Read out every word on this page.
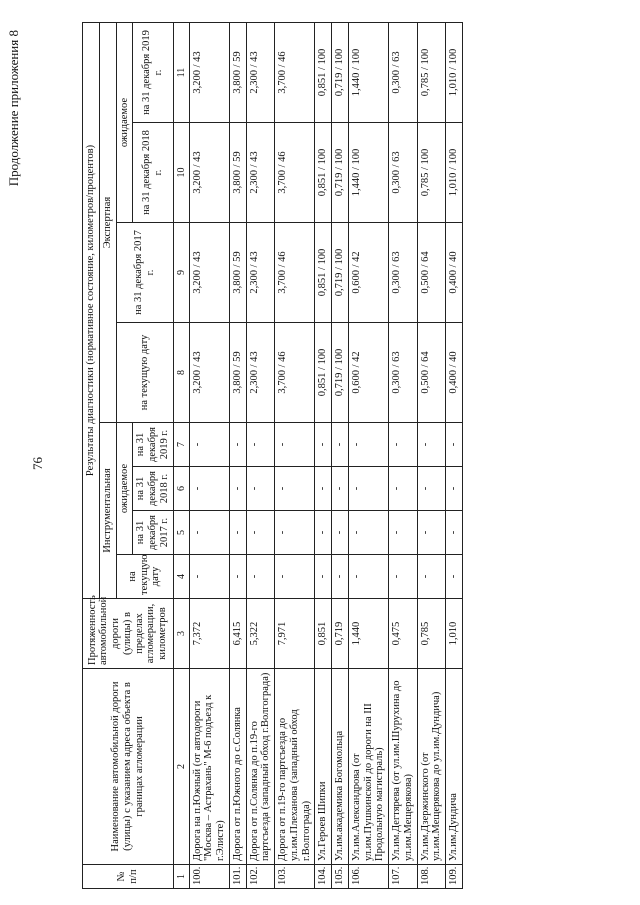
76
Продолжение приложения 8
№ п/п	Наименование автомобильной дороги (улицы) с указанием адреса объекта в границах агломерации	Протяженность автомобильной дороги (улицы) в пределах агломерации, километров	Результаты диагностики (нормативное состояние, километров/процентов)							
			Инструментальная				Экспертная			
			на текущую дату	ожидаемое			на текущую дату	на 31 декабря 2017 г.	ожидаемое	
				на 31 декабря 2017 г.	на 31 декабря 2018 г.	на 31 декабря 2019 г.			на 31 декабря 2018 г.	на 31 декабря 2019 г.
1	2	3	4	5	6	7	8	9	10	11
100.	Дорога на п.Южный (от автодороги "Москва – Астрахань" М-6 подъезд к г.Элисте)	7,372	-	-	-	-	3,200 / 43	3,200 / 43	3,200 / 43	3,200 / 43
101.	Дорога от п.Южного до с.Солянка	6,415	-	-	-	-	3,800 / 59	3,800 / 59	3,800 / 59	3,800 / 59
102.	Дорога от п.Солянка до п.19-го партсъезда (западный обход г.Волгограда)	5,322	-	-	-	-	2,300 / 43	2,300 / 43	2,300 / 43	2,300 / 43
103.	Дорога от п.19-го партсъезда до ул.им.Плеханова (западный обход г.Волгограда)	7,971	-	-	-	-	3,700 / 46	3,700 / 46	3,700 / 46	3,700 / 46
104.	Ул.Героев Шипки	0,851	-	-	-	-	0,851 / 100	0,851 / 100	0,851 / 100	0,851 / 100
105.	Ул.им.академика Богомольца	0,719	-	-	-	-	0,719 / 100	0,719 / 100	0,719 / 100	0,719 / 100
106.	Ул.им.Александрова (от ул.им.Пушкинской до дороги на III Продольную магистраль)	1,440	-	-	-	-	0,600 / 42	0,600 / 42	1,440 / 100	1,440 / 100
107.	Ул.им.Дегтярева (от ул.им.Шурухина до ул.им.Мещерякова)	0,475	-	-	-	-	0,300 / 63	0,300 / 63	0,300 / 63	0,300 / 63
108.	Ул.им.Дзержинского (от ул.им.Мещерякова до ул.им.Дундича)	0,785	-	-	-	-	0,500 / 64	0,500 / 64	0,785 / 100	0,785 / 100
109.	Ул.им.Дундича	1,010	-	-	-	-	0,400 / 40	0,400 / 40	1,010 / 100	1,010 / 100
